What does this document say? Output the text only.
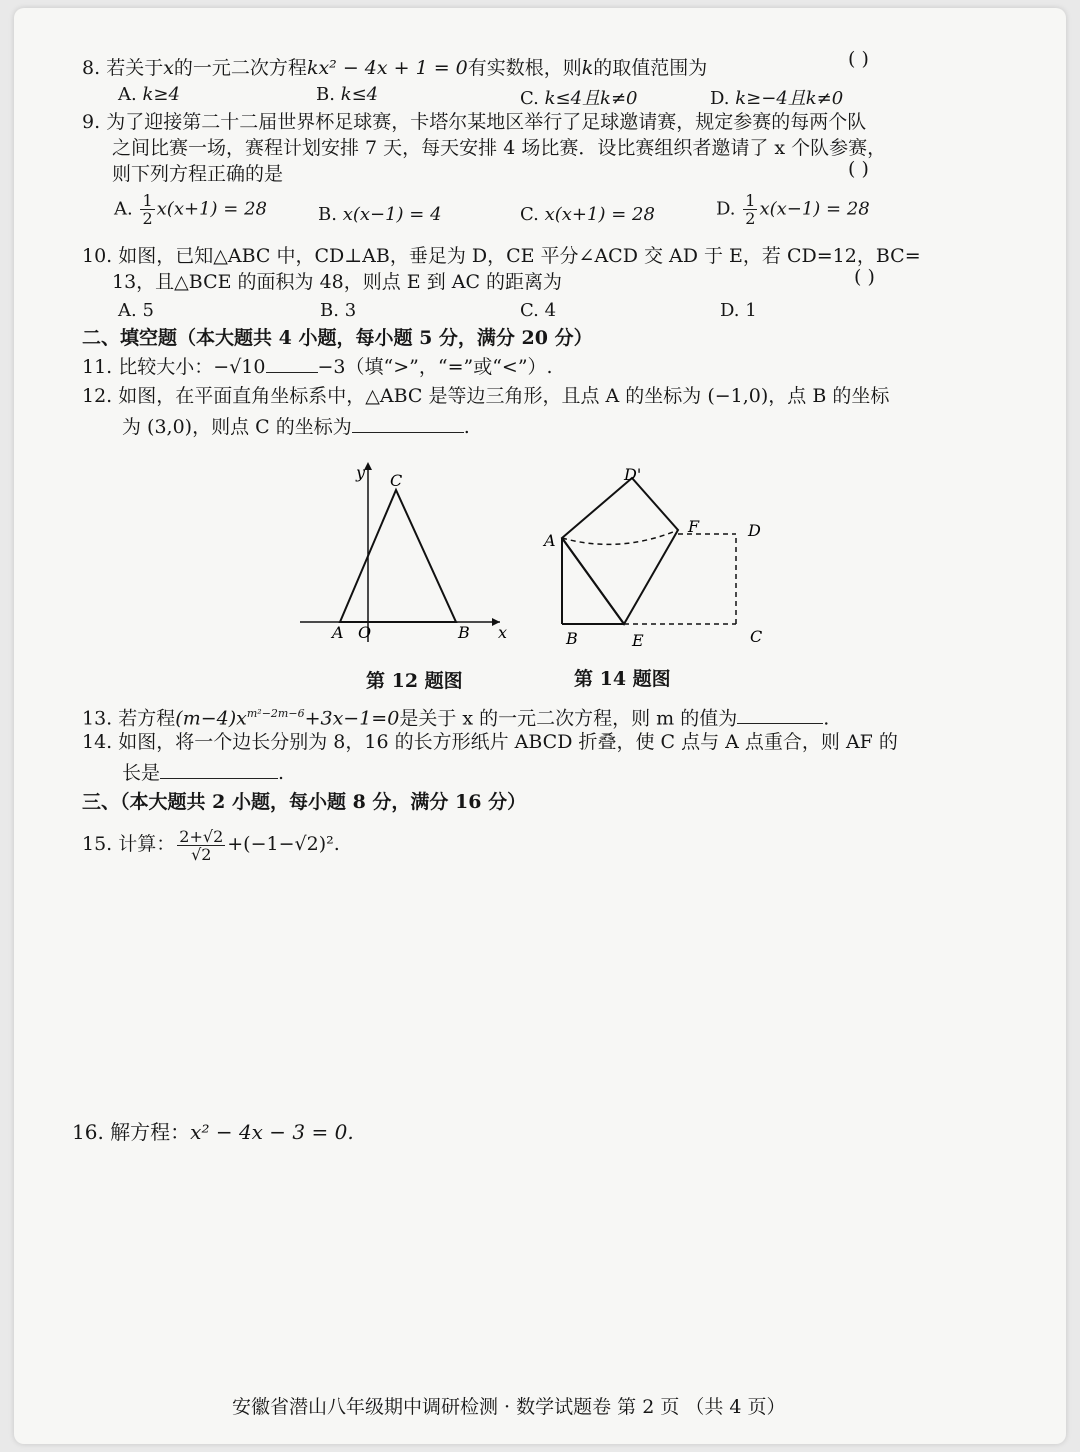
8. 若关于x的一元二次方程kx² − 4x + 1 = 0有实数根，则k的取值范围为	( )
A. k≥4	B. k≤4	C. k≤4且k≠0	D. k≥−4且k≠0
9. 为了迎接第二十二届世界杯足球赛，卡塔尔某地区举行了足球邀请赛，规定参赛的每两个队
之间比赛一场，赛程计划安排 7 天，每天安排 4 场比赛．设比赛组织者邀请了 x 个队参赛，
则下列方程正确的是	( )
A. $\frac{1}{2} x(x+1) = 28$	B. x(x−1) = 4	C. x(x+1) = 28	D. $\frac{1}{2} x(x-1) = 28$
10. 如图，已知△ABC 中，CD⊥AB，垂足为 D，CE 平分∠ACD 交 AD 于 E，若 CD=12，BC=
13，且△BCE 的面积为 48，则点 E 到 AC 的距离为	( )
A. 5	B. 3	C. 4	D. 1
二、填空题（本大题共 4 小题，每小题 5 分，满分 20 分）
11. 比较大小：−√10	−3（填“>”，“=”或“<”）.
12. 如图，在平面直角坐标系中，△ABC 是等边三角形，且点 A 的坐标为 (−1,0)，点 B 的坐标
为 (3,0)，则点 C 的坐标为	.
y C
A O	B x
第 12 题图
D'
A
F	D
B	E	C
第 14 题图
13. 若方程$(m-4)x^{m^2-2m-6}+3x-1=0$是关于 x 的一元二次方程，则 m 的值为	.
14. 如图，将一个边长分别为 8，16 的长方形纸片 ABCD 折叠，使 C 点与 A 点重合，则 AF 的
长是	.
三、（本大题共 2 小题，每小题 8 分，满分 16 分）
15. 计算： $\frac{2+√2}{√2} +(-1-√2)^2$.
16. 解方程：x² − 4x − 3 = 0.
安徽省潜山八年级期中调研检测 · 数学试题卷 第 2 页 （共 4 页）
